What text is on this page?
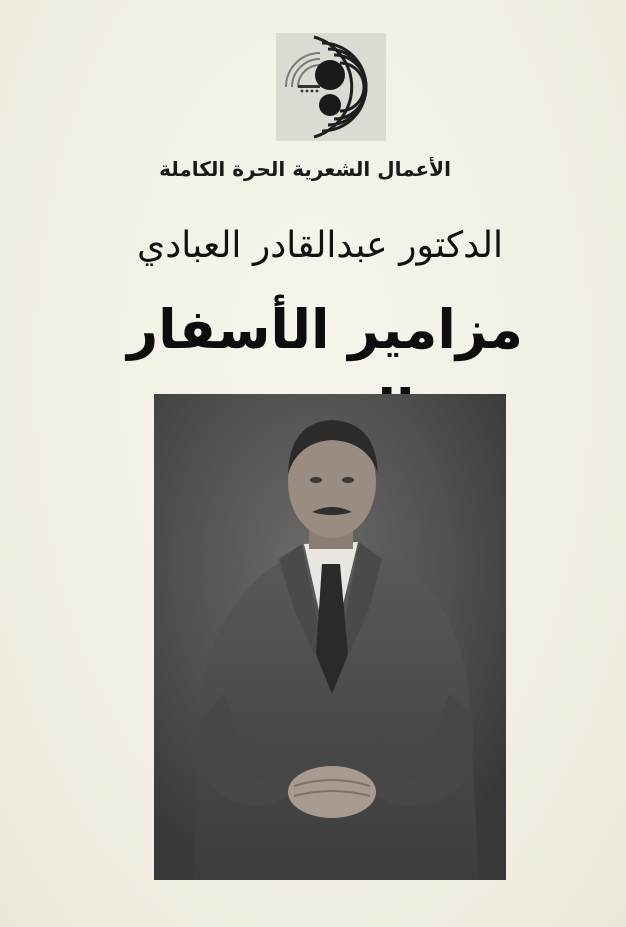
الأعمال الشعرية الحرة الكاملة
الدكتور عبدالقادر العبادي
مزامير الأسفار
